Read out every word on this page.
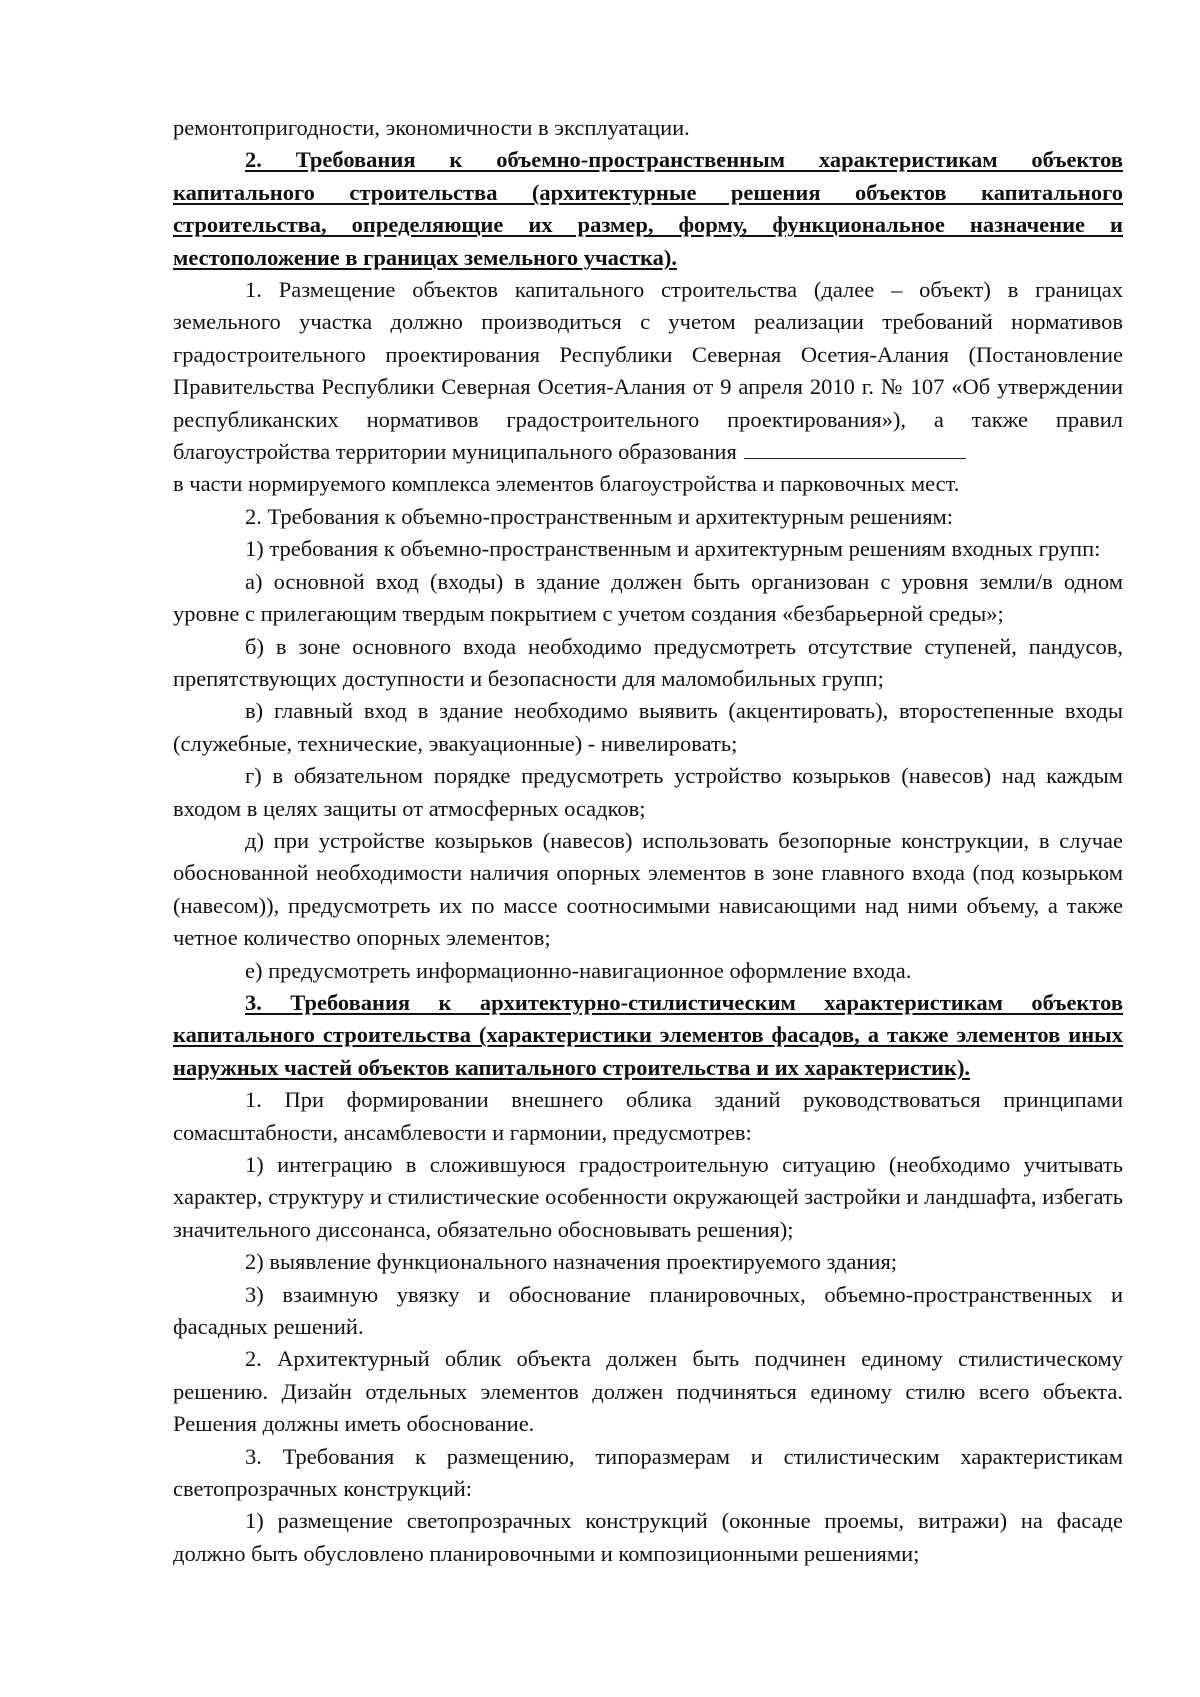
ремонтопригодности, экономичности в эксплуатации.

2. Требования к объемно-пространственным характеристикам объектов капитального строительства (архитектурные решения объектов капитального строительства, определяющие их размер, форму, функциональное назначение и местоположение в границах земельного участка).

1. Размещение объектов капитального строительства (далее – объект) в границах земельного участка должно производиться с учетом реализации требований нормативов градостроительного проектирования Республики Северная Осетия-Алания (Постановление Правительства Республики Северная Осетия-Алания от 9 апреля 2010 г. № 107 «Об утверждении республиканских нормативов градостроительного проектирования»), а также правил благоустройства территории муниципального образования

в части нормируемого комплекса элементов благоустройства и парковочных мест.

2. Требования к объемно-пространственным и архитектурным решениям:

1) требования к объемно-пространственным и архитектурным решениям входных групп:

а) основной вход (входы) в здание должен быть организован с уровня земли/в одном уровне с прилегающим твердым покрытием с учетом создания «безбарьерной среды»;

б) в зоне основного входа необходимо предусмотреть отсутствие ступеней, пандусов, препятствующих доступности и безопасности для маломобильных групп;

в) главный вход в здание необходимо выявить (акцентировать), второстепенные входы (служебные, технические, эвакуационные) - нивелировать;

г) в обязательном порядке предусмотреть устройство козырьков (навесов) над каждым входом в целях защиты от атмосферных осадков;

д) при устройстве козырьков (навесов) использовать безопорные конструкции, в случае обоснованной необходимости наличия опорных элементов в зоне главного входа (под козырьком (навесом)), предусмотреть их по массе соотносимыми нависающими над ними объему, а также четное количество опорных элементов;

е) предусмотреть информационно-навигационное оформление входа.

3. Требования к архитектурно-стилистическим характеристикам объектов капитального строительства (характеристики элементов фасадов, а также элементов иных наружных частей объектов капитального строительства и их характеристик).

1. При формировании внешнего облика зданий руководствоваться принципами сомасштабности, ансамблевости и гармонии, предусмотрев:

1) интеграцию в сложившуюся градостроительную ситуацию (необходимо учитывать характер, структуру и стилистические особенности окружающей застройки и ландшафта, избегать значительного диссонанса, обязательно обосновывать решения);

2) выявление функционального назначения проектируемого здания;

3) взаимную увязку и обоснование планировочных, объемно-пространственных и фасадных решений.

2. Архитектурный облик объекта должен быть подчинен единому стилистическому решению. Дизайн отдельных элементов должен подчиняться единому стилю всего объекта. Решения должны иметь обоснование.

3. Требования к размещению, типоразмерам и стилистическим характеристикам светопрозрачных конструкций:

1) размещение светопрозрачных конструкций (оконные проемы, витражи) на фасаде должно быть обусловлено планировочными и композиционными решениями;
